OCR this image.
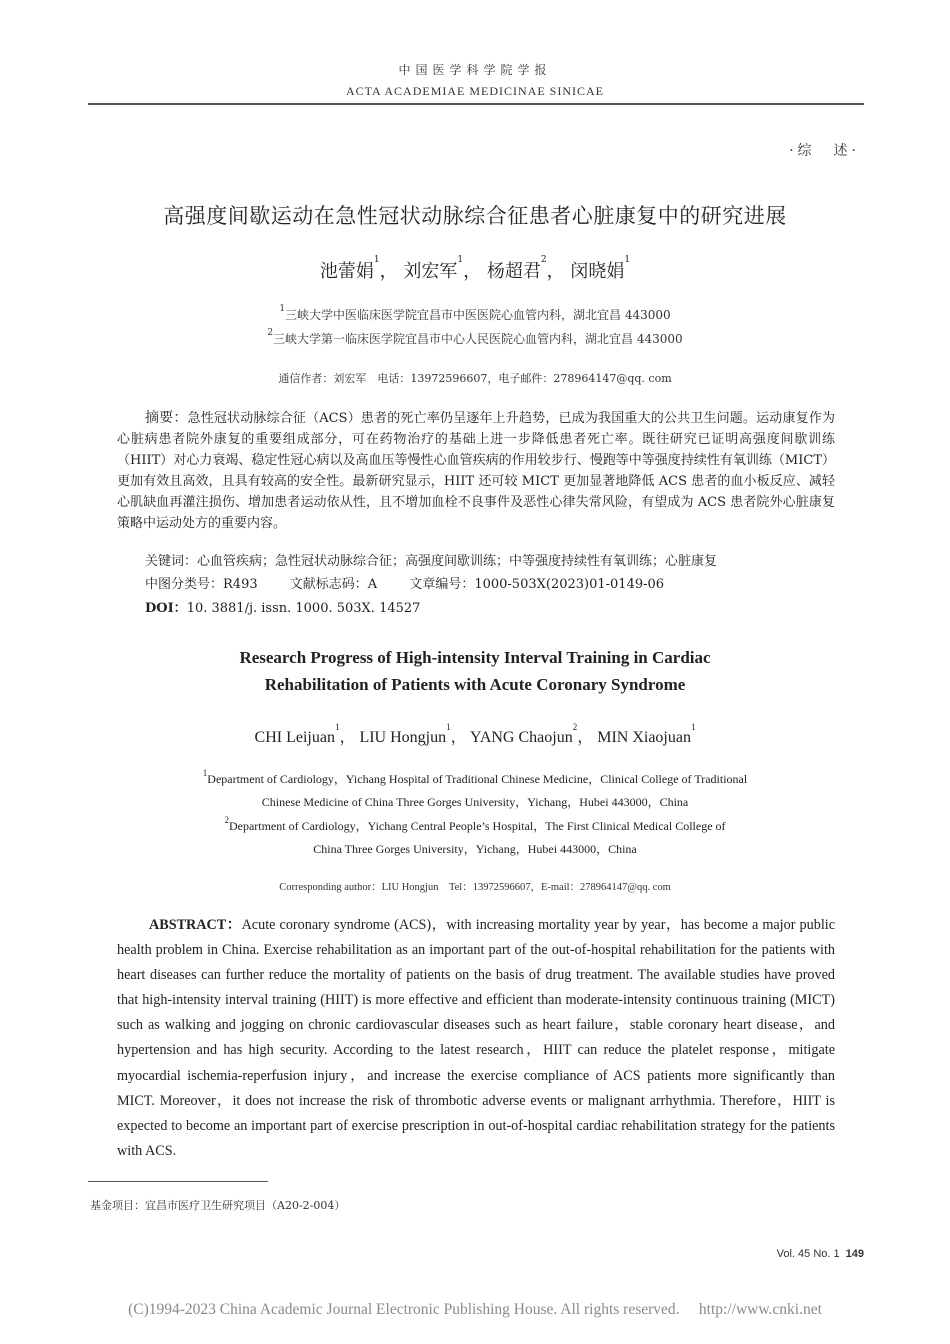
中国医学科学院学报
ACTA ACADEMIAE MEDICINAE SINICAE
·综　述·
高强度间歇运动在急性冠状动脉综合征患者心脏康复中的研究进展
池蕾娟$^1$， 刘宏军$^1$， 杨超君$^2$， 闵晓娟$^1$
$^1$三峡大学中医临床医学院宜昌市中医医院心血管内科，湖北宜昌 443000
$^2$三峡大学第一临床医学院宜昌市中心人民医院心血管内科，湖北宜昌 443000
通信作者：刘宏军　电话：13972596607，电子邮件：278964147@qq. com
摘要：急性冠状动脉综合征（ACS）患者的死亡率仍呈逐年上升趋势，已成为我国重大的公共卫生问题。运动康复作为心脏病患者院外康复的重要组成部分，可在药物治疗的基础上进一步降低患者死亡率。既往研究已证明高强度间歇训练（HIIT）对心力衰竭、稳定性冠心病以及高血压等慢性心血管疾病的作用较步行、慢跑等中等强度持续性有氧训练（MICT）更加有效且高效，且具有较高的安全性。最新研究显示，HIIT 还可较 MICT 更加显著地降低 ACS 患者的血小板反应、减轻心肌缺血再灌注损伤、增加患者运动依从性，且不增加血栓不良事件及恶性心律失常风险，有望成为 ACS 患者院外心脏康复策略中运动处方的重要内容。
关键词：心血管疾病；急性冠状动脉综合征；高强度间歇训练；中等强度持续性有氧训练；心脏康复
中图分类号：R493 文献标志码：A 文章编号：1000-503X(2023)01-0149-06
DOI：10. 3881/j. issn. 1000. 503X. 14527
Research Progress of High-intensity Interval Training in Cardiac
Rehabilitation of Patients with Acute Coronary Syndrome
CHI Leijuan$^1$， LIU Hongjun$^1$， YANG Chaojun$^2$， MIN Xiaojuan$^1$
$^1$Department of Cardiology，Yichang Hospital of Traditional Chinese Medicine，Clinical College of Traditional
Chinese Medicine of China Three Gorges University，Yichang，Hubei 443000，China
$^2$Department of Cardiology，Yichang Central People’s Hospital，The First Clinical Medical College of
China Three Gorges University，Yichang，Hubei 443000，China
Corresponding author：LIU Hongjun　Tel：13972596607，E-mail：278964147@qq. com
ABSTRACT：Acute coronary syndrome (ACS)，with increasing mortality year by year，has become a major public health problem in China. Exercise rehabilitation as an important part of the out-of-hospital rehabilitation for the patients with heart diseases can further reduce the mortality of patients on the basis of drug treatment. The available studies have proved that high-intensity interval training (HIIT) is more effective and efficient than moderate-intensity continuous training (MICT) such as walking and jogging on chronic cardiovascular diseases such as heart failure，stable coronary heart disease，and hypertension and has high security. According to the latest research，HIIT can reduce the platelet response，mitigate myocardial ischemia-reperfusion injury，and increase the exercise compliance of ACS patients more significantly than MICT. Moreover，it does not increase the risk of thrombotic adverse events or malignant arrhythmia. Therefore，HIIT is expected to become an important part of exercise prescription in out-of-hospital cardiac rehabilitation strategy for the patients with ACS.
基金项目：宜昌市医疗卫生研究项目（A20-2-004）
Vol. 45 No. 1 149
(C)1994-2023 China Academic Journal Electronic Publishing House. All rights reserved.　 http://www.cnki.net
